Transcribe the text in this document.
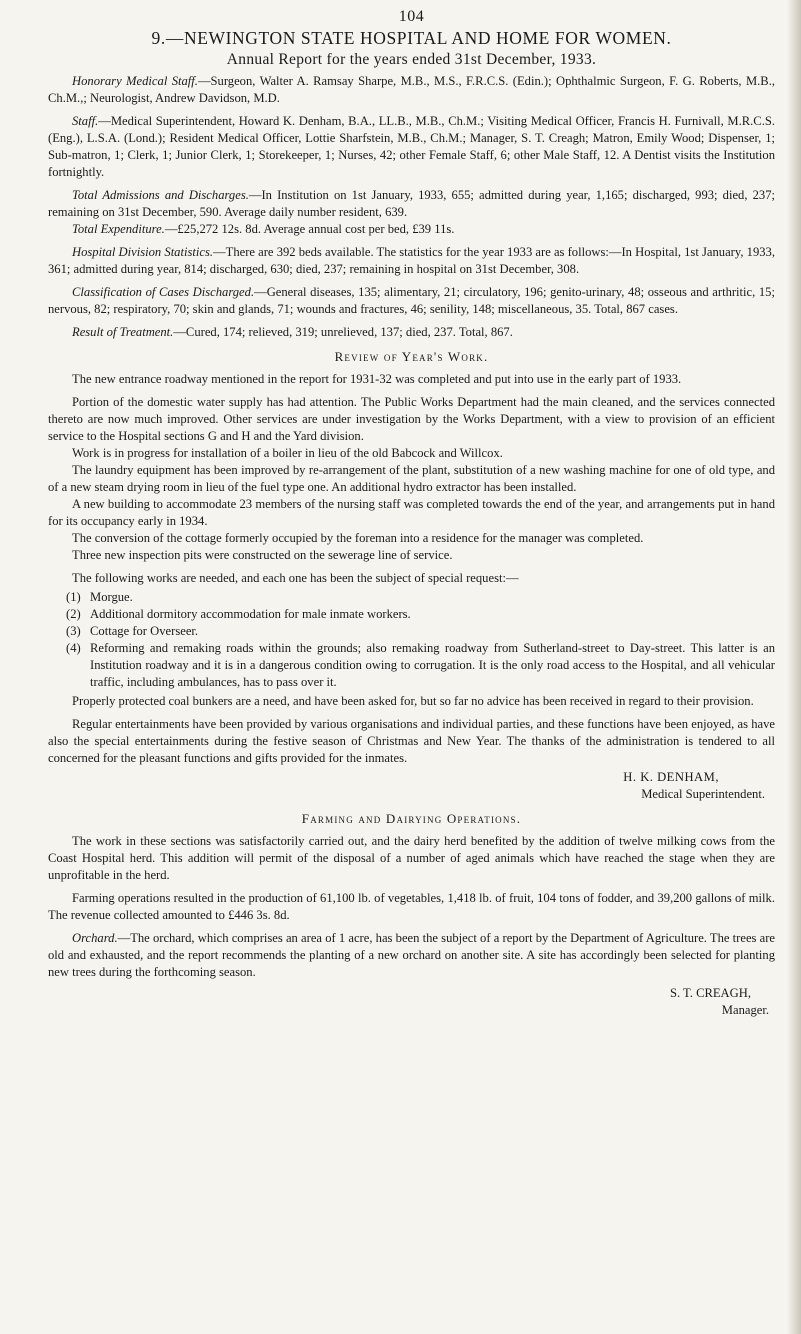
104
9.—NEWINGTON STATE HOSPITAL AND HOME FOR WOMEN.
Annual Report for the years ended 31st December, 1933.

Honorary Medical Staff.—Surgeon, Walter A. Ramsay Sharpe, M.B., M.S., F.R.C.S. (Edin.); Ophthalmic Surgeon, F. G. Roberts, M.B., Ch.M.,; Neurologist, Andrew Davidson, M.D.

Staff.—Medical Superintendent, Howard K. Denham, B.A., LL.B., M.B., Ch.M.; Visiting Medical Officer, Francis H. Furnivall, M.R.C.S. (Eng.), L.S.A. (Lond.); Resident Medical Officer, Lottie Sharfstein, M.B., Ch.M.; Manager, S. T. Creagh; Matron, Emily Wood; Dispenser, 1; Sub-matron, 1; Clerk, 1; Junior Clerk, 1; Storekeeper, 1; Nurses, 42; other Female Staff, 6; other Male Staff, 12. A Dentist visits the Institution fortnightly.

Total Admissions and Discharges.—In Institution on 1st January, 1933, 655; admitted during year, 1,165; discharged, 993; died, 237; remaining on 31st December, 590. Average daily number resident, 639.

Total Expenditure.—£25,272 12s. 8d. Average annual cost per bed, £39 11s.

Hospital Division Statistics.—There are 392 beds available. The statistics for the year 1933 are as follows:—In Hospital, 1st January, 1933, 361; admitted during year, 814; discharged, 630; died, 237; remaining in hospital on 31st December, 308.

Classification of Cases Discharged.—General diseases, 135; alimentary, 21; circulatory, 196; genito-urinary, 48; osseous and arthritic, 15; nervous, 82; respiratory, 70; skin and glands, 71; wounds and fractures, 46; senility, 148; miscellaneous, 35. Total, 867 cases.

Result of Treatment.—Cured, 174; relieved, 319; unrelieved, 137; died, 237. Total, 867.

Review of Year's Work.

The new entrance roadway mentioned in the report for 1931-32 was completed and put into use in the early part of 1933.

Portion of the domestic water supply has had attention. The Public Works Department had the main cleaned, and the services connected thereto are now much improved. Other services are under investigation by the Works Department, with a view to provision of an efficient service to the Hospital sections G and H and the Yard division.

Work is in progress for installation of a boiler in lieu of the old Babcock and Willcox.

The laundry equipment has been improved by re-arrangement of the plant, substitution of a new washing machine for one of old type, and of a new steam drying room in lieu of the fuel type one. An additional hydro extractor has been installed.

A new building to accommodate 23 members of the nursing staff was completed towards the end of the year, and arrangements put in hand for its occupancy early in 1934.

The conversion of the cottage formerly occupied by the foreman into a residence for the manager was completed.

Three new inspection pits were constructed on the sewerage line of service.

The following works are needed, and each one has been the subject of special request:—

(1) Morgue.
(2) Additional dormitory accommodation for male inmate workers.
(3) Cottage for Overseer.
(4) Reforming and remaking roads within the grounds; also remaking roadway from Sutherland-street to Day-street. This latter is an Institution roadway and it is in a dangerous condition owing to corrugation. It is the only road access to the Hospital, and all vehicular traffic, including ambulances, has to pass over it.

Properly protected coal bunkers are a need, and have been asked for, but so far no advice has been received in regard to their provision.

Regular entertainments have been provided by various organisations and individual parties, and these functions have been enjoyed, as have also the special entertainments during the festive season of Christmas and New Year. The thanks of the administration is tendered to all concerned for the pleasant functions and gifts provided for the inmates.

H. K. DENHAM,
Medical Superintendent.
Farming and Dairying Operations.

The work in these sections was satisfactorily carried out, and the dairy herd benefited by the addition of twelve milking cows from the Coast Hospital herd. This addition will permit of the disposal of a number of aged animals which have reached the stage when they are unprofitable in the herd.

Farming operations resulted in the production of 61,100 lb. of vegetables, 1,418 lb. of fruit, 104 tons of fodder, and 39,200 gallons of milk. The revenue collected amounted to £446 3s. 8d.

Orchard.—The orchard, which comprises an area of 1 acre, has been the subject of a report by the Department of Agriculture. The trees are old and exhausted, and the report recommends the planting of a new orchard on another site. A site has accordingly been selected for planting new trees during the forthcoming season.

S. T. CREAGH,
Manager.
